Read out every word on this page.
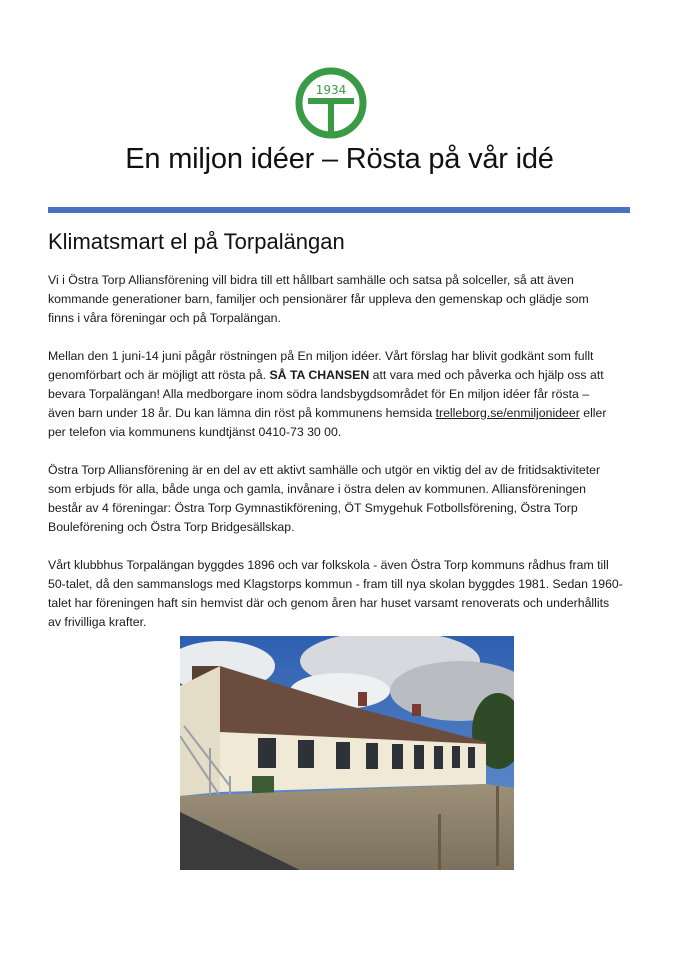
1934
En miljon idéer – Rösta på vår idé
Klimatsmart el på Torpalängan
Vi i Östra Torp Alliansförening vill bidra till ett hållbart samhälle och satsa på solceller, så att även
kommande generationer barn, familjer och pensionärer får uppleva den gemenskap och glädje som
finns i våra föreningar och på Torpalängan.
Mellan den 1 juni-14 juni pågår röstningen på En miljon idéer. Vårt förslag har blivit godkänt som fullt
genomförbart och är möjligt att rösta på. SÅ TA CHANSEN att vara med och påverka och hjälp oss att
bevara Torpalängan! Alla medborgare inom södra landsbygdsområdet för En miljon idéer får rösta –
även barn under 18 år. Du kan lämna din röst på kommunens hemsida trelleborg.se/enmiljonideer eller
per telefon via kommunens kundtjänst 0410-73 30 00.
Östra Torp Alliansförening är en del av ett aktivt samhälle och utgör en viktig del av de fritidsaktiviteter
som erbjuds för alla, både unga och gamla, invånare i östra delen av kommunen. Alliansföreningen
består av 4 föreningar: Östra Torp Gymnastikförening, ÖT Smygehuk Fotbollsförening, Östra Torp
Bouleförening och Östra Torp Bridgesällskap.
Vårt klubbhus Torpalängan byggdes 1896 och var folkskola - även Östra Torp kommuns rådhus fram till
50-talet, då den sammanslogs med Klagstorps kommun - fram till nya skolan byggdes 1981. Sedan 1960-
talet har föreningen haft sin hemvist där och genom åren har huset varsamt renoverats och underhållits
av frivilliga krafter.
